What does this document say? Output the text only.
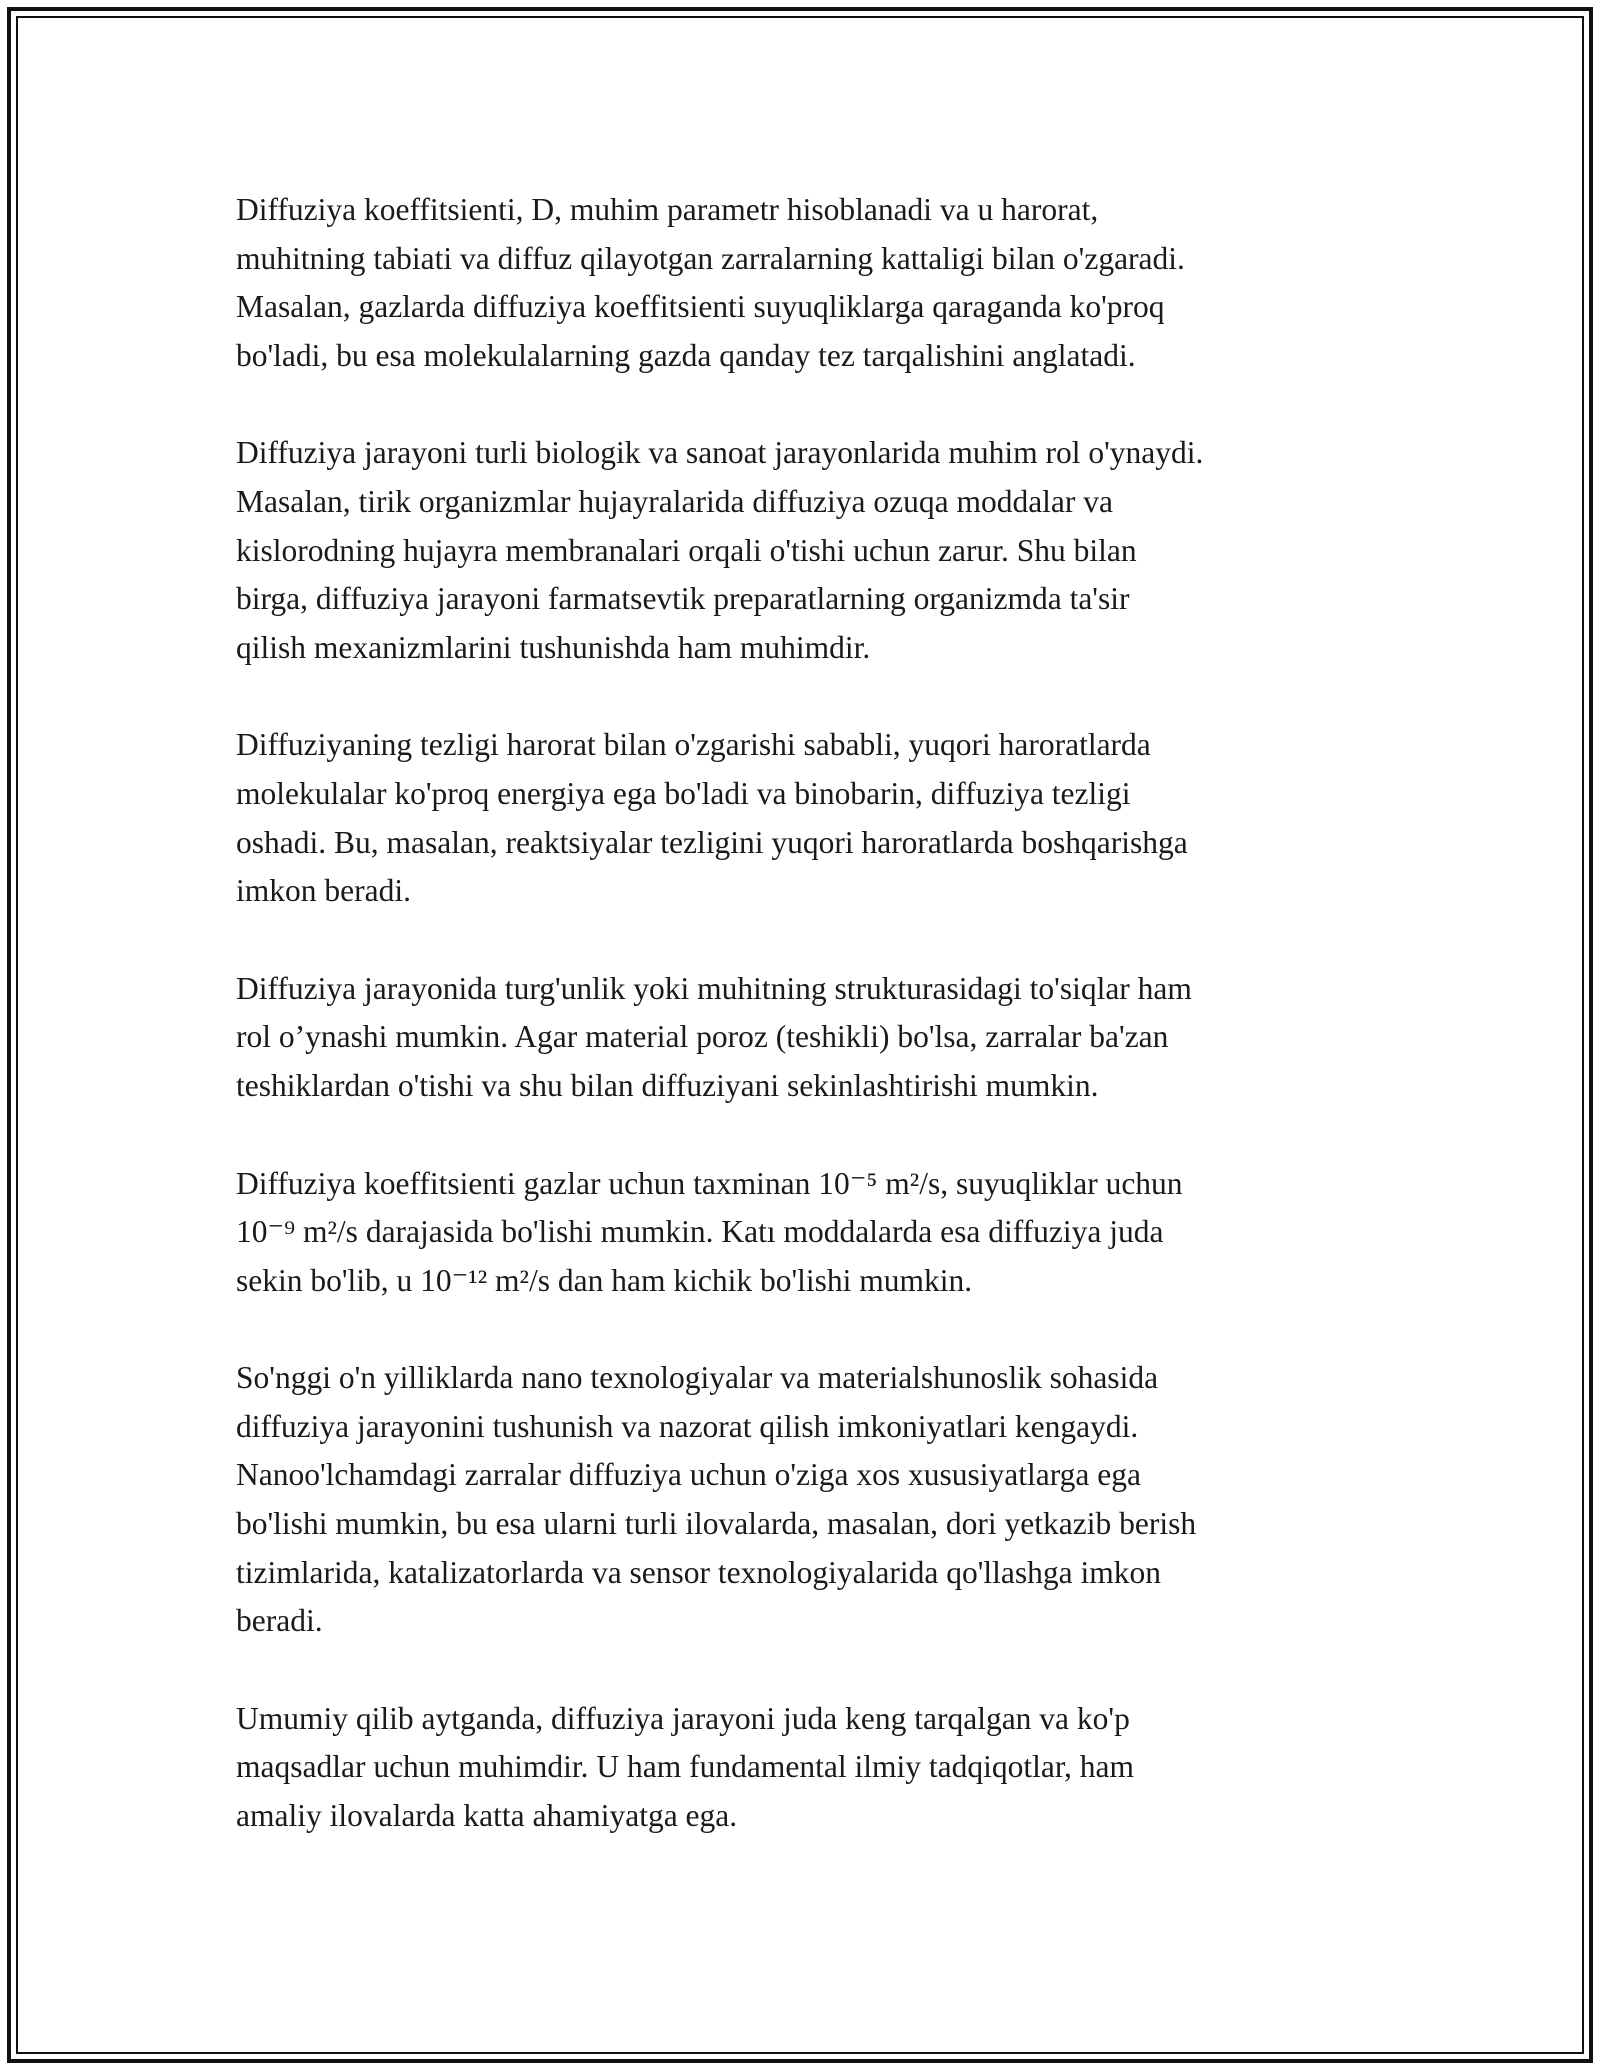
Diffuziya koeffitsienti, D, muhim parametr hisoblanadi va u harorat,
muhitning tabiati va diffuz qilayotgan zarralarning kattaligi bilan o'zgaradi.
Masalan, gazlarda diffuziya koeffitsienti suyuqliklarga qaraganda ko'proq
bo'ladi, bu esa molekulalarning gazda qanday tez tarqalishini anglatadi.

Diffuziya jarayoni turli biologik va sanoat jarayonlarida muhim rol o'ynaydi.
Masalan, tirik organizmlar hujayralarida diffuziya ozuqa moddalar va
kislorodning hujayra membranalari orqali o'tishi uchun zarur. Shu bilan
birga, diffuziya jarayoni farmatsevtik preparatlarning organizmda ta'sir
qilish mexanizmlarini tushunishda ham muhimdir.

Diffuziyaning tezligi harorat bilan o'zgarishi sababli, yuqori haroratlarda
molekulalar ko'proq energiya ega bo'ladi va binobarin, diffuziya tezligi
oshadi. Bu, masalan, reaktsiyalar tezligini yuqori haroratlarda boshqarishga
imkon beradi.

Diffuziya jarayonida turg'unlik yoki muhitning strukturasidagi to'siqlar ham
rol o’ynashi mumkin. Agar material poroz (teshikli) bo'lsa, zarralar ba'zan
teshiklardan o'tishi va shu bilan diffuziyani sekinlashtirishi mumkin.

Diffuziya koeffitsienti gazlar uchun taxminan 10⁻⁵ m²/s, suyuqliklar uchun
10⁻⁹ m²/s darajasida bo'lishi mumkin. Katı moddalarda esa diffuziya juda
sekin bo'lib, u 10⁻¹² m²/s dan ham kichik bo'lishi mumkin.

So'nggi o'n yilliklarda nano texnologiyalar va materialshunoslik sohasida
diffuziya jarayonini tushunish va nazorat qilish imkoniyatlari kengaydi.
Nanoo'lchamdagi zarralar diffuziya uchun o'ziga xos xususiyatlarga ega
bo'lishi mumkin, bu esa ularni turli ilovalarda, masalan, dori yetkazib berish
tizimlarida, katalizatorlarda va sensor texnologiyalarida qo'llashga imkon
beradi.

Umumiy qilib aytganda, diffuziya jarayoni juda keng tarqalgan va ko'p
maqsadlar uchun muhimdir. U ham fundamental ilmiy tadqiqotlar, ham
amaliy ilovalarda katta ahamiyatga ega.
